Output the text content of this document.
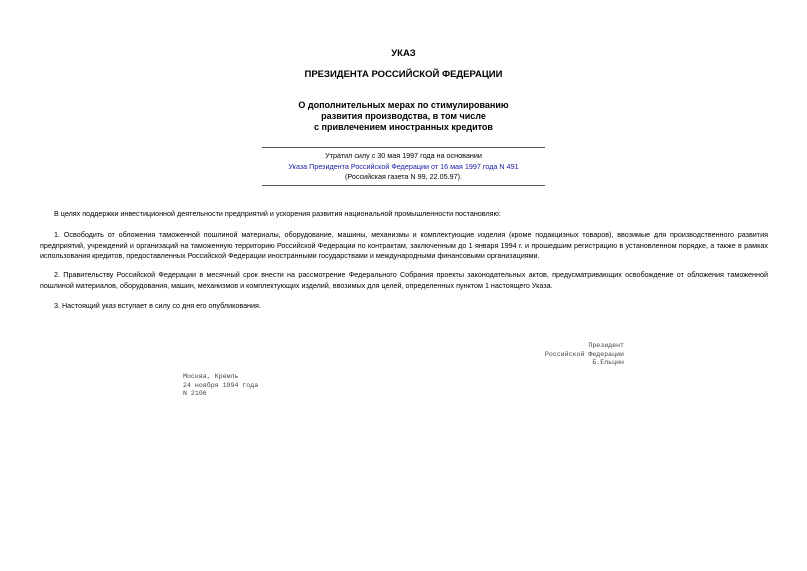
УКАЗ
ПРЕЗИДЕНТА РОССИЙСКОЙ ФЕДЕРАЦИИ
О дополнительных мерах по стимулированию
развития производства, в том числе
с привлечением иностранных кредитов
Утратил силу с 30 мая 1997 года на основании
Указа Президента Российской Федерации от 16 мая 1997 года N 491
(Российская газета N 99, 22.05.97).
В целях поддержки инвестиционной деятельности предприятий и ускорения развития национальной промышленности постановляю:
1. Освободить от обложения таможенной пошлиной материалы, оборудование, машины, механизмы и комплектующие изделия (кроме подакцизных товаров), ввозимые для производственного развития предприятий, учреждений и организаций на таможенную территорию Российской Федерации по контрактам, заключенным до 1 января 1994 г. и прошедшим регистрацию в установленном порядке, а также в рамках использования кредитов, предоставленных Российской Федерации иностранными государствами и международными финансовыми организациями.
2. Правительству Российской Федерации в месячный срок внести на рассмотрение Федерального Собрания проекты законодательных актов, предусматривающих освобождение от обложения таможенной пошлиной материалов, оборудования, машин, механизмов и комплектующих изделий, ввозимых для целей, определенных пунктом 1 настоящего Указа.
3. Настоящий указ вступает в силу со дня его опубликования.
Президент
Российской Федерации
Б.Ельцин
Москва, Кремль
24 ноября 1994 года
N 2106
